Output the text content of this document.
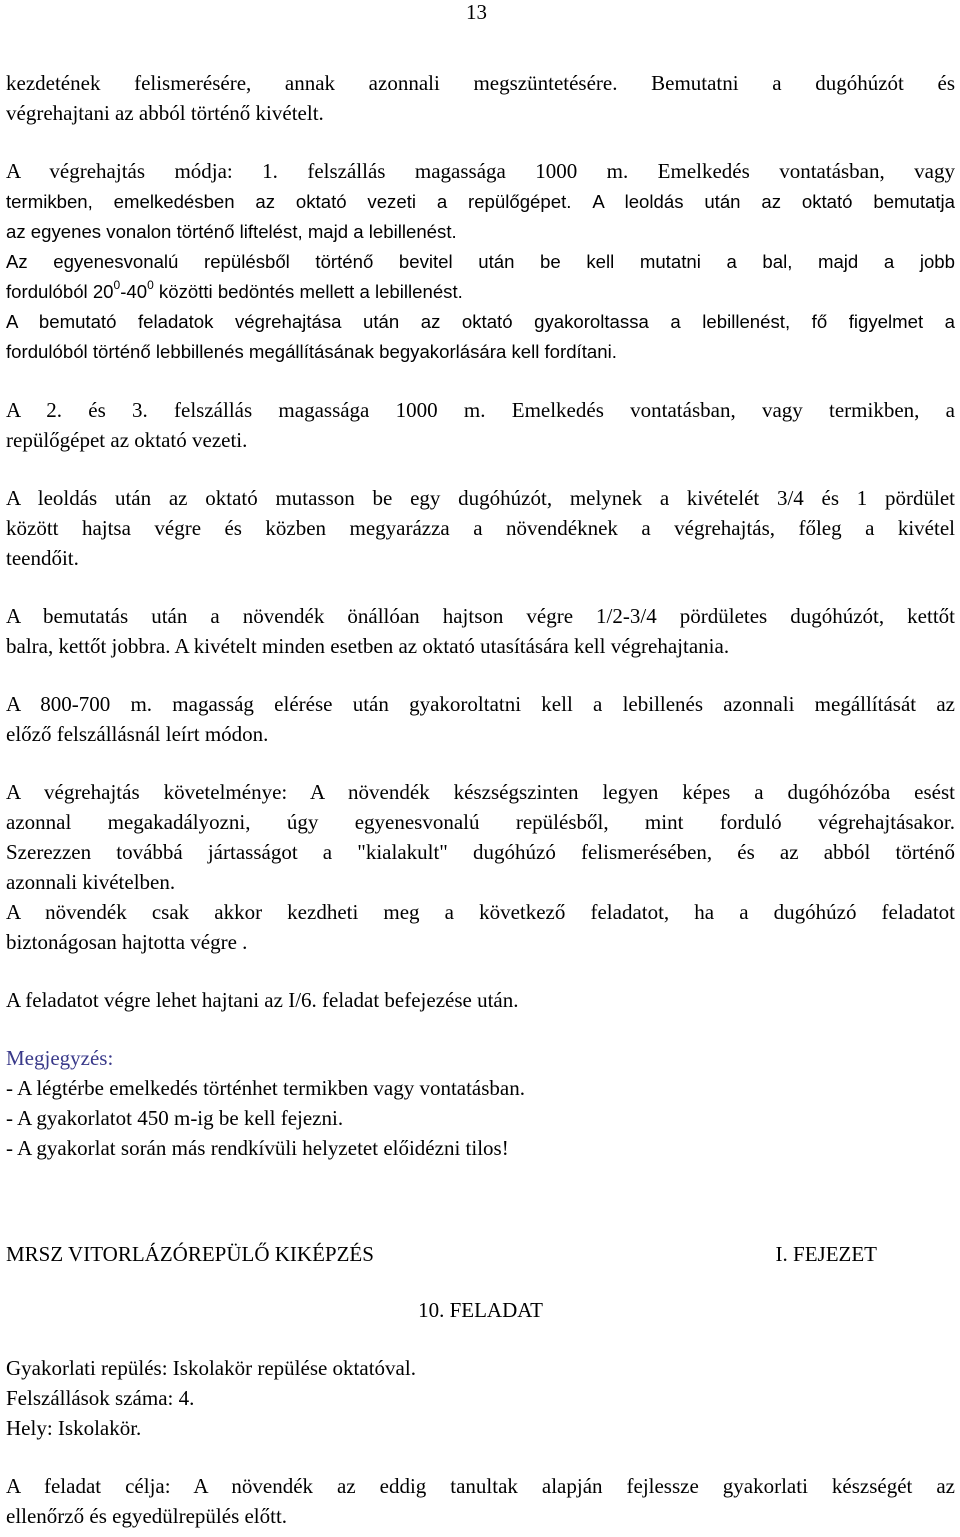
13

kezdetének felismerésére, annak azonnali megszüntetésére. Bemutatni a dugóhúzót és

végrehajtani az abból történő kivételt.

A végrehajtás módja: 1. felszállás magassága 1000 m. Emelkedés vontatásban, vagy

termikben, emelkedésben az oktató vezeti a repülőgépet. A leoldás után az oktató bemutatja

az egyenes vonalon történő liftelést, majd a lebillenést.

Az egyenesvonalú repülésből történő bevitel után be kell mutatni a bal, majd a jobb

fordulóból $20^0-40^0$ közötti bedöntés mellett a lebillenést.

A bemutató feladatok végrehajtása után az oktató gyakoroltassa a lebillenést, fő figyelmet a

fordulóból történő lebbillenés megállításának begyakorlására kell fordítani.

A 2. és 3. felszállás magassága 1000 m. Emelkedés vontatásban, vagy termikben, a

repülőgépet az oktató vezeti.

A leoldás után az oktató mutasson be egy dugóhúzót, melynek a kivételét 3/4 és 1 pördület

között hajtsa végre és közben megyarázza a növendéknek a végrehajtás, főleg a kivétel

teendőit.

A bemutatás után a növendék önállóan hajtson végre 1/2-3/4 pördületes dugóhúzót, kettőt

balra, kettőt jobbra. A kivételt minden esetben az oktató utasítására kell végrehajtania.

A 800-700 m. magasság elérése után gyakoroltatni kell a lebillenés azonnali megállítását az

előző felszállásnál leírt módon.

A végrehajtás követelménye: A növendék készségszinten legyen képes a dugóhózóba esést

azonnal megakadályozni, úgy egyenesvonalú repülésből, mint forduló végrehajtásakor.

Szerezzen továbbá jártasságot a "kialakult" dugóhúzó felismerésében, és az abból történő

azonnali kivételben.

A növendék csak akkor kezdheti meg a következő feladatot, ha a dugóhúzó feladatot

biztonágosan hajtotta végre .

A feladatot végre lehet hajtani az I/6. feladat befejezése után.

Megjegyzés:

- A légtérbe emelkedés történhet termikben vagy vontatásban.

- A gyakorlatot 450 m-ig be kell fejezni.

- A gyakorlat során más rendkívüli helyzetet előidézni tilos!

MRSZ VITORLÁZÓREPÜLŐ KIKÉPZÉS	I. FEJEZET

10. FELADAT

Gyakorlati repülés: Iskolakör repülése oktatóval.

Felszállások száma: 4.

Hely: Iskolakör.

A feladat célja: A növendék az eddig tanultak alapján fejlessze gyakorlati készségét az

ellenőrző és egyedülrepülés előtt.
